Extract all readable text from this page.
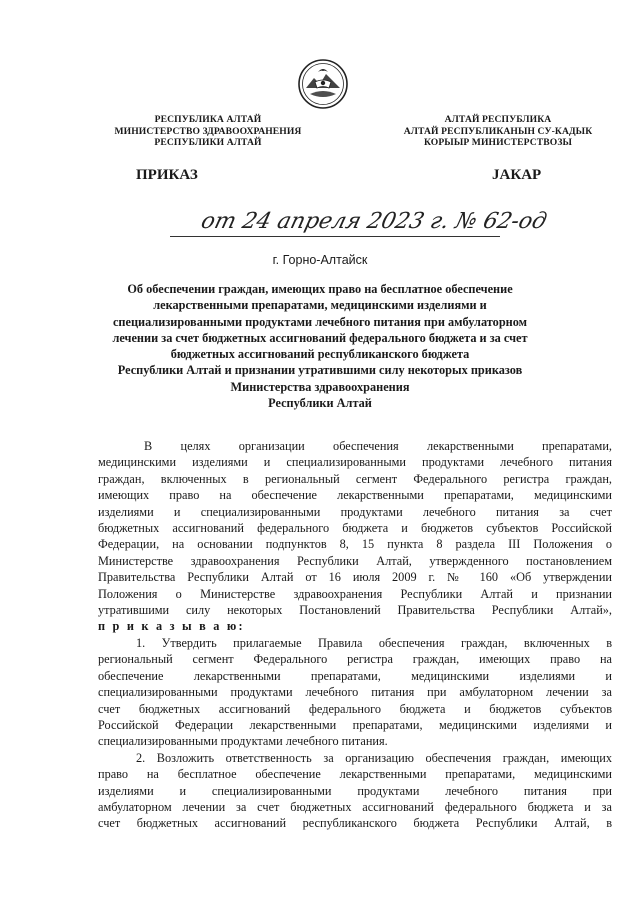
РЕСПУБЛИКА АЛТАЙ
МИНИСТЕРСТВО ЗДРАВООХРАНЕНИЯ
РЕСПУБЛИКИ АЛТАЙ
АЛТАЙ РЕСПУБЛИКА
АЛТАЙ РЕСПУБЛИКАНЫН СУ-КАДЫК
КОРЫЫР МИНИСТЕРСТВОЗЫ
ПРИКАЗ	ЈАКАР
от 24 апреля 2023 г. № 62-од
г. Горно-Алтайск
Об обеспечении граждан, имеющих право на бесплатное обеспечение
лекарственными препаратами, медицинскими изделиями и
специализированными продуктами лечебного питания при амбулаторном
лечении за счет бюджетных ассигнований федерального бюджета и за счет
бюджетных ассигнований республиканского бюджета
Республики Алтай и признании утратившими силу некоторых приказов
Министерства здравоохранения
Республики Алтай
В целях организации обеспечения лекарственными препаратами,
медицинскими изделиями и специализированными продуктами лечебного питания
граждан, включенных в региональный сегмент Федерального регистра граждан,
имеющих право на обеспечение лекарственными препаратами, медицинскими
изделиями и специализированными продуктами лечебного питания за счет
бюджетных ассигнований федерального бюджета и бюджетов субъектов Российской
Федерации, на основании подпунктов 8, 15 пункта 8 раздела III Положения о
Министерстве здравоохранения Республики Алтай, утвержденного постановлением
Правительства Республики Алтай от 16 июля 2009 г. № 160 «Об утверждении
Положения о Министерстве здравоохранения Республики Алтай и признании
утратившими силу некоторых Постановлений Правительства Республики Алтай»,
п р и к а з ы в а ю:
1. Утвердить прилагаемые Правила обеспечения граждан, включенных в
региональный сегмент Федерального регистра граждан, имеющих право на
обеспечение лекарственными препаратами, медицинскими изделиями и
специализированными продуктами лечебного питания при амбулаторном лечении за
счет бюджетных ассигнований федерального бюджета и бюджетов субъектов
Российской Федерации лекарственными препаратами, медицинскими изделиями и
специализированными продуктами лечебного питания.
2. Возложить ответственность за организацию обеспечения граждан, имеющих
право на бесплатное обеспечение лекарственными препаратами, медицинскими
изделиями и специализированными продуктами лечебного питания при
амбулаторном лечении за счет бюджетных ассигнований федерального бюджета и за
счет бюджетных ассигнований республиканского бюджета Республики Алтай, в
